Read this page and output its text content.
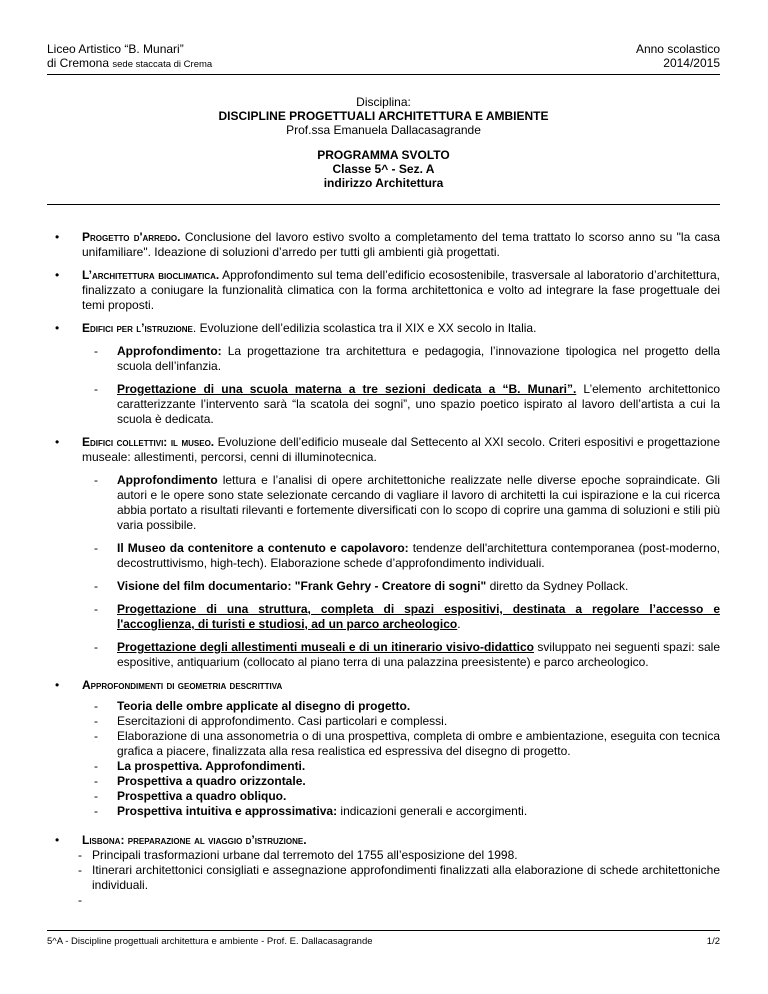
Liceo Artistico “B. Munari”
di Cremona sede staccata di Crema
Anno scolastico
2014/2015
Disciplina:
DISCIPLINE PROGETTUALI ARCHITETTURA E AMBIENTE
Prof.ssa Emanuela Dallacasagrande
PROGRAMMA SVOLTO
Classe 5^ - Sez. A
indirizzo Architettura
• Progetto d'arredo. Conclusione del lavoro estivo svolto a completamento del tema trattato lo scorso anno su "la casa unifamiliare". Ideazione di soluzioni d’arredo per tutti gli ambienti già progettati.
• L’architettura bioclimatica. Approfondimento sul tema dell’edificio ecosostenibile, trasversale al laboratorio d’architettura, finalizzato a coniugare la funzionalità climatica con la forma architettonica e volto ad integrare la fase progettuale dei temi proposti.
• Edifici per l’istruzione. Evoluzione dell’edilizia scolastica tra il XIX e XX secolo in Italia.
- Approfondimento: La progettazione tra architettura e pedagogia, l’innovazione tipologica nel progetto della scuola dell’infanzia.
- Progettazione di una scuola materna a tre sezioni dedicata a “B. Munari”. L’elemento architettonico caratterizzante l’intervento sarà “la scatola dei sogni”, uno spazio poetico ispirato al lavoro dell’artista a cui la scuola è dedicata.
• Edifici collettivi: il museo. Evoluzione dell’edificio museale dal Settecento al XXI secolo. Criteri espositivi e progettazione museale: allestimenti, percorsi, cenni di illuminotecnica.
- Approfondimento lettura e l’analisi di opere architettoniche realizzate nelle diverse epoche sopraindicate. Gli autori e le opere sono state selezionate cercando di vagliare il lavoro di architetti la cui ispirazione e la cui ricerca abbia portato a risultati rilevanti e fortemente diversificati con lo scopo di coprire una gamma di soluzioni e stili più varia possibile.
- Il Museo da contenitore a contenuto e capolavoro: tendenze dell'architettura contemporanea (post-moderno, decostruttivismo, high-tech). Elaborazione schede d’approfondimento individuali.
- Visione del film documentario: "Frank Gehry - Creatore di sogni" diretto da Sydney Pollack.
- Progettazione di una struttura, completa di spazi espositivi, destinata a regolare l’accesso e l'accoglienza, di turisti e studiosi, ad un parco archeologico.
- Progettazione degli allestimenti museali e di un itinerario visivo-didattico sviluppato nei seguenti spazi: sale espositive, antiquarium (collocato al piano terra di una palazzina preesistente) e parco archeologico.
• Approfondimenti di geometria descrittiva
- Teoria delle ombre applicate al disegno di progetto.
- Esercitazioni di approfondimento. Casi particolari e complessi.
- Elaborazione di una assonometria o di una prospettiva, completa di ombre e ambientazione, eseguita con tecnica grafica a piacere, finalizzata alla resa realistica ed espressiva del disegno di progetto.
- La prospettiva. Approfondimenti.
- Prospettiva a quadro orizzontale.
- Prospettiva a quadro obliquo.
- Prospettiva intuitiva e approssimativa: indicazioni generali e accorgimenti.
• Lisbona: preparazione al viaggio d’istruzione.
- Principali trasformazioni urbane dal terremoto del 1755 all’esposizione del 1998.
- Itinerari architettonici consigliati e assegnazione approfondimenti finalizzati alla elaborazione di schede architettoniche individuali.
-
5^A - Discipline progettuali architettura e ambiente - Prof. E. Dallacasagrande	1/2
